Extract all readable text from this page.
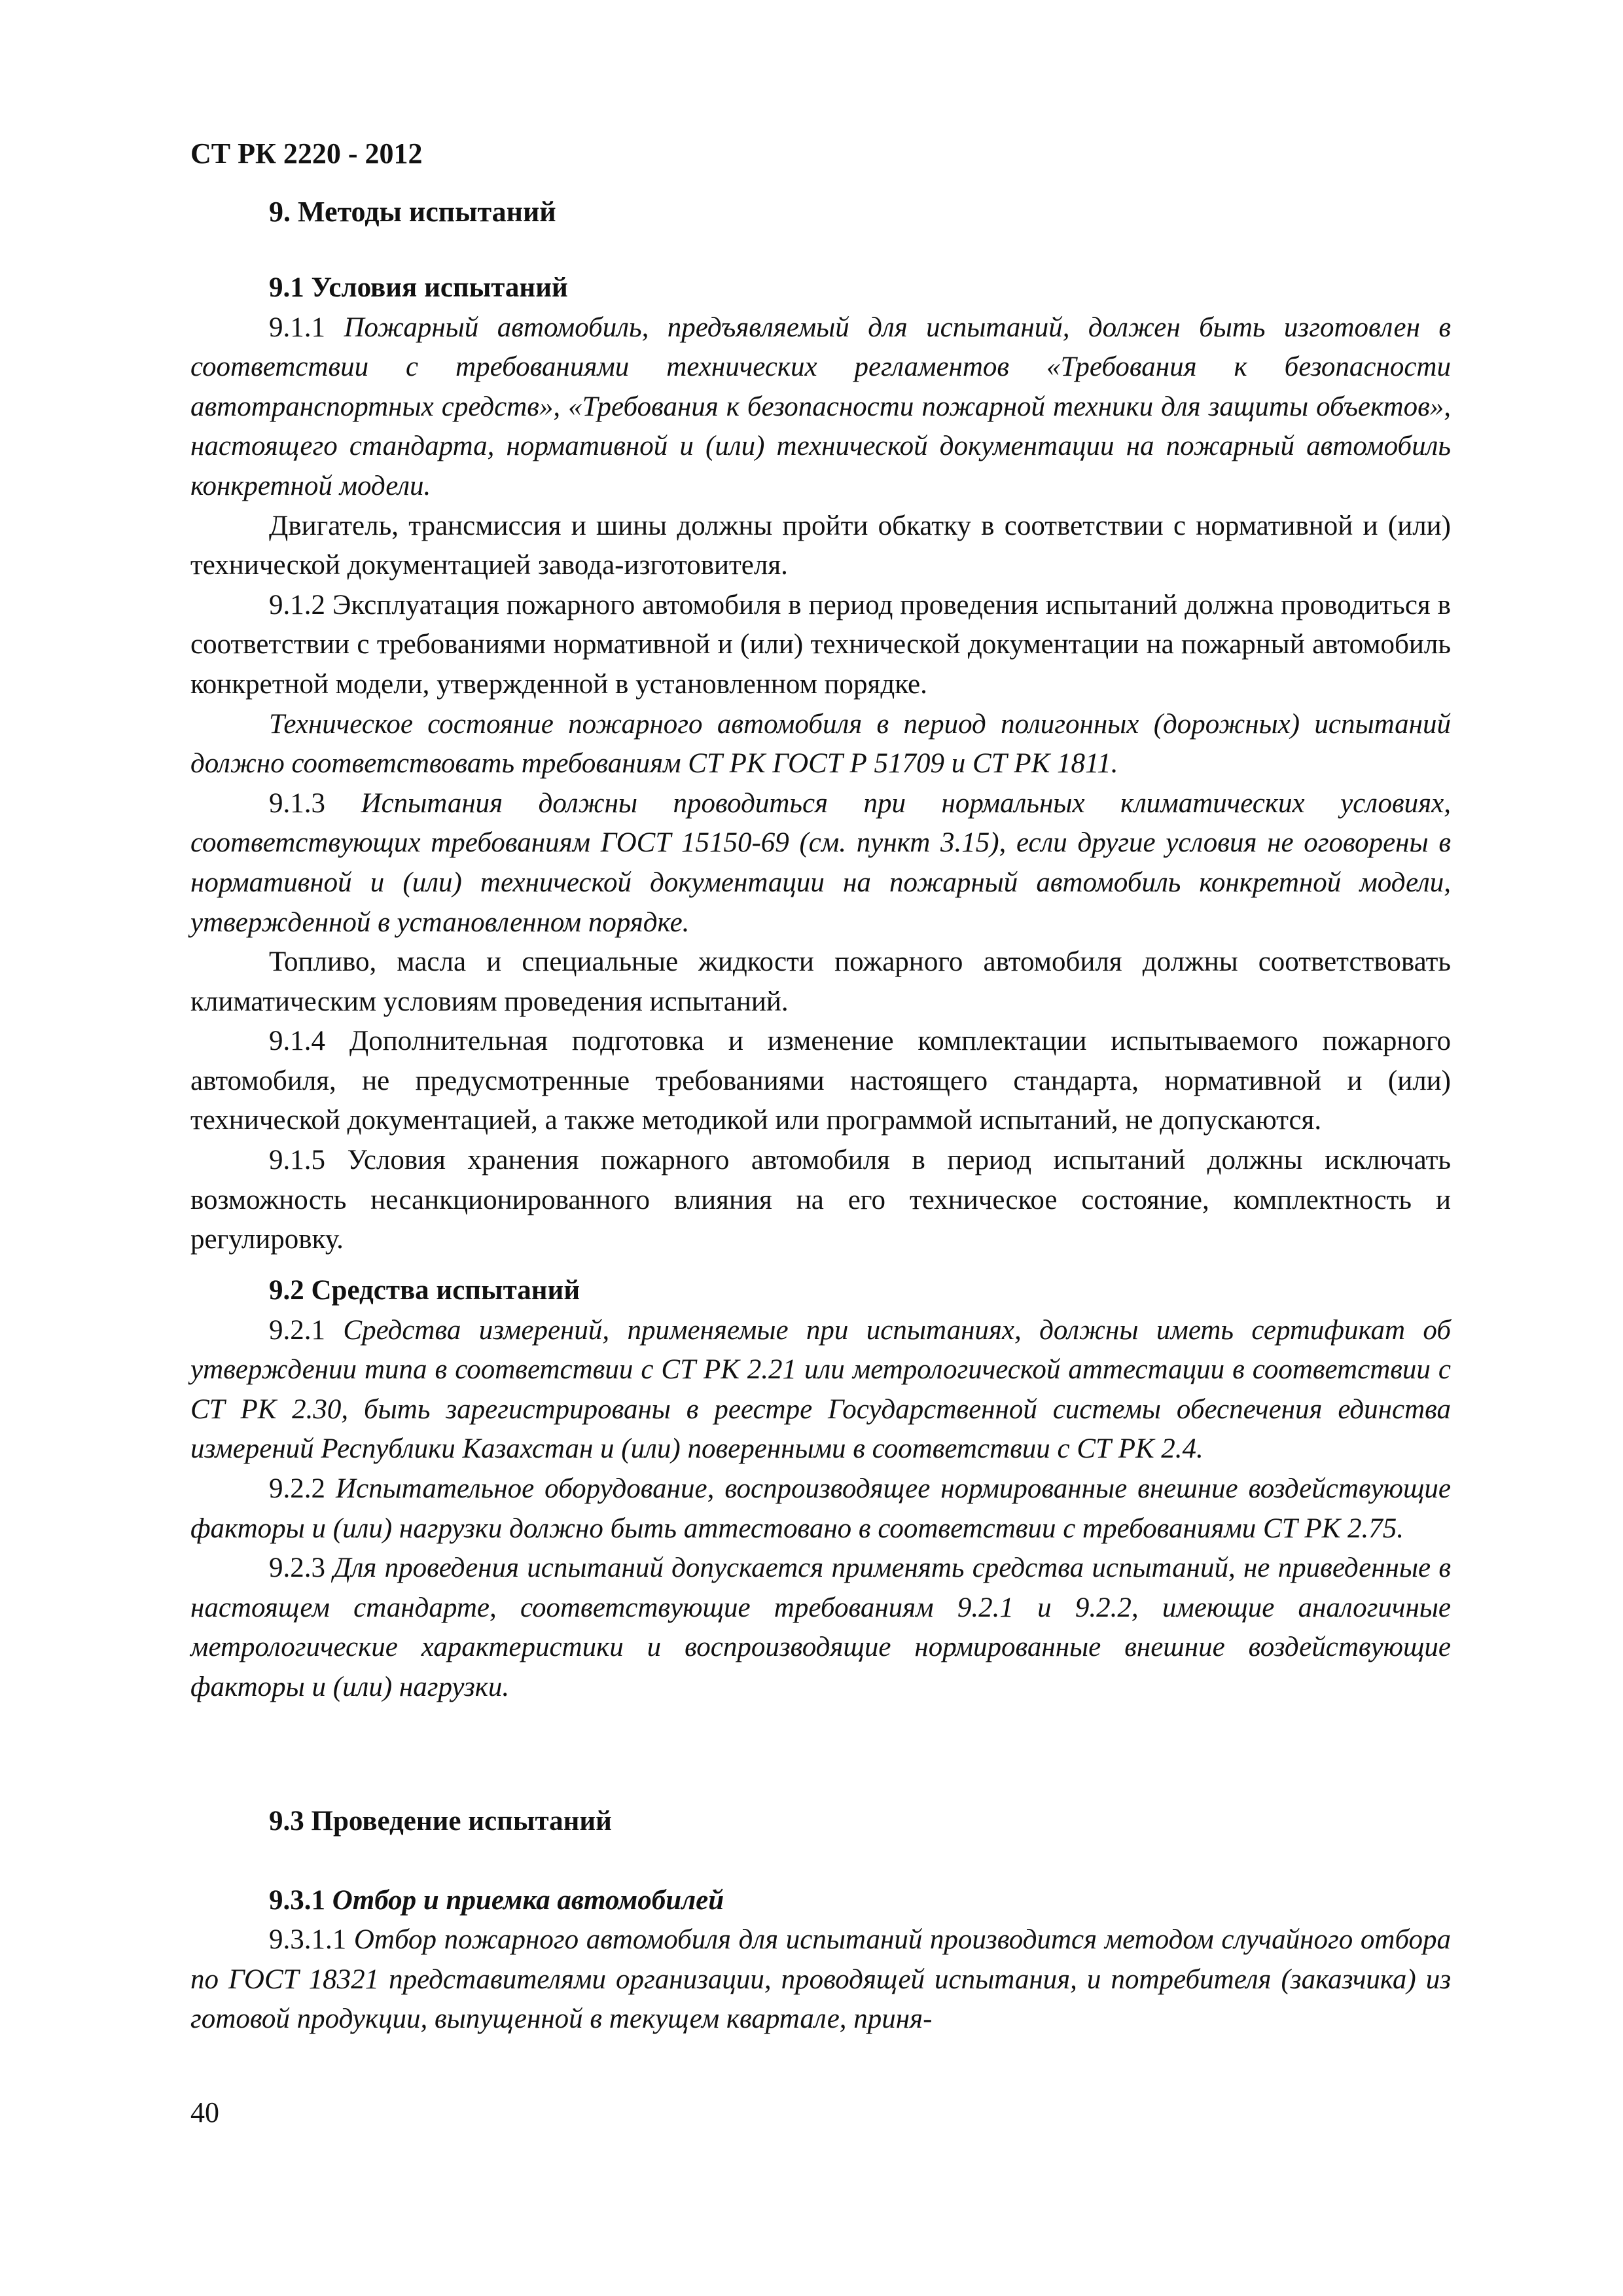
СТ РК 2220 - 2012
9. Методы испытаний

9.1 Условия испытаний

9.1.1 Пожарный автомобиль, предъявляемый для испытаний, должен быть изготовлен в соответствии с требованиями технических регламентов «Требования к безопасности автотранспортных средств», «Требования к безопасности пожарной техники для защиты объектов», настоящего стандарта, нормативной и (или) технической документации на пожарный автомобиль конкретной модели.

Двигатель, трансмиссия и шины должны пройти обкатку в соответствии с нормативной и (или) технической документацией завода-изготовителя.

9.1.2 Эксплуатация пожарного автомобиля в период проведения испытаний должна проводиться в соответствии с требованиями нормативной и (или) технической документации на пожарный автомобиль конкретной модели, утвержденной в установленном порядке.

Техническое состояние пожарного автомобиля в период полигонных (дорожных) испытаний должно соответствовать требованиям СТ РК ГОСТ Р 51709 и СТ РК 1811.

9.1.3 Испытания должны проводиться при нормальных климатических условиях, соответствующих требованиям ГОСТ 15150-69 (см. пункт 3.15), если другие условия не оговорены в нормативной и (или) технической документации на пожарный автомобиль конкретной модели, утвержденной в установленном порядке.

Топливо, масла и специальные жидкости пожарного автомобиля должны соответствовать климатическим условиям проведения испытаний.

9.1.4 Дополнительная подготовка и изменение комплектации испытываемого пожарного автомобиля, не предусмотренные требованиями настоящего стандарта, нормативной и (или) технической документацией, а также методикой или программой испытаний, не допускаются.

9.1.5 Условия хранения пожарного автомобиля в период испытаний должны исключать возможность несанкционированного влияния на его техническое состояние, комплектность и регулировку.

9.2 Средства испытаний

9.2.1 Средства измерений, применяемые при испытаниях, должны иметь сертификат об утверждении типа в соответствии с СТ РК 2.21 или метрологической аттестации в соответствии с СТ РК 2.30, быть зарегистрированы в реестре Государственной системы обеспечения единства измерений Республики Казахстан и (или) поверенными в соответствии с СТ РК 2.4.

9.2.2 Испытательное оборудование, воспроизводящее нормированные внешние воздействующие факторы и (или) нагрузки должно быть аттестовано в соответствии с требованиями СТ РК 2.75.

9.2.3 Для проведения испытаний допускается применять средства испытаний, не приведенные в настоящем стандарте, соответствующие требованиям 9.2.1 и 9.2.2, имеющие аналогичные метрологические характеристики и воспроизводящие нормированные внешние воздействующие факторы и (или) нагрузки.

9.3 Проведение испытаний

9.3.1 Отбор и приемка автомобилей

9.3.1.1 Отбор пожарного автомобиля для испытаний производится методом случайного отбора по ГОСТ 18321 представителями организации, проводящей испытания, и потребителя (заказчика) из готовой продукции, выпущенной в текущем квартале, приня-

40
